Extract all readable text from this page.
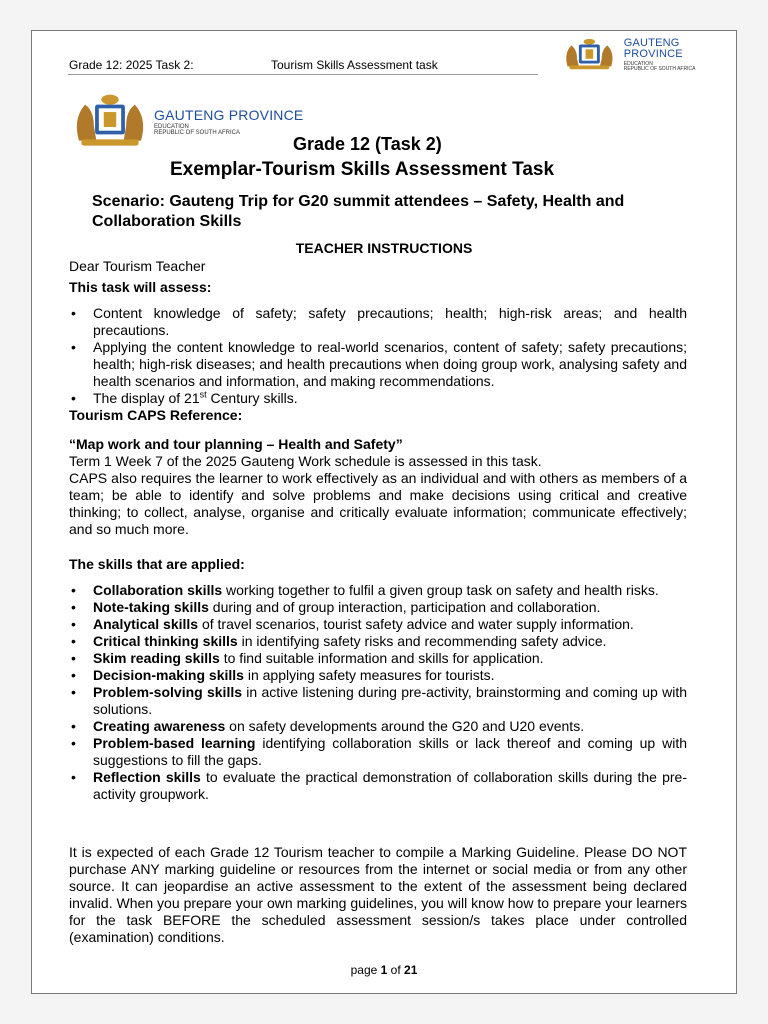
Grade 12: 2025 Task 2:	Tourism Skills Assessment task
GAUTENG PROVINCE
EDUCATION
REPUBLIC OF SOUTH AFRICA
GAUTENG PROVINCE
EDUCATION
REPUBLIC OF SOUTH AFRICA
Grade 12 (Task 2)
Exemplar-Tourism Skills Assessment Task
Scenario: Gauteng Trip for G20 summit attendees – Safety, Health and Collaboration Skills
TEACHER INSTRUCTIONS

Dear Tourism Teacher

This task will assess:

• Content knowledge of safety; safety precautions; health; high-risk areas; and health precautions.
• Applying the content knowledge to real-world scenarios, content of safety; safety precautions; health; high-risk diseases; and health precautions when doing group work, analysing safety and health scenarios and information, and making recommendations.
• The display of 21st Century skills.

Tourism CAPS Reference:

“Map work and tour planning – Health and Safety”

Term 1 Week 7 of the 2025 Gauteng Work schedule is assessed in this task.

CAPS also requires the learner to work effectively as an individual and with others as members of a team; be able to identify and solve problems and make decisions using critical and creative thinking; to collect, analyse, organise and critically evaluate information; communicate effectively; and so much more.

The skills that are applied:

• Collaboration skills working together to fulfil a given group task on safety and health risks.
• Note-taking skills during and of group interaction, participation and collaboration.
• Analytical skills of travel scenarios, tourist safety advice and water supply information.
• Critical thinking skills in identifying safety risks and recommending safety advice.
• Skim reading skills to find suitable information and skills for application.
• Decision-making skills in applying safety measures for tourists.
• Problem-solving skills in active listening during pre-activity, brainstorming and coming up with solutions.
• Creating awareness on safety developments around the G20 and U20 events.
• Problem-based learning identifying collaboration skills or lack thereof and coming up with suggestions to fill the gaps.
• Reflection skills to evaluate the practical demonstration of collaboration skills during the pre-activity groupwork.
It is expected of each Grade 12 Tourism teacher to compile a Marking Guideline. Please DO NOT purchase ANY marking guideline or resources from the internet or social media or from any other source. It can jeopardise an active assessment to the extent of the assessment being declared invalid. When you prepare your own marking guidelines, you will know how to prepare your learners for the task BEFORE the scheduled assessment session/s takes place under controlled (examination) conditions.
page 1 of 21
